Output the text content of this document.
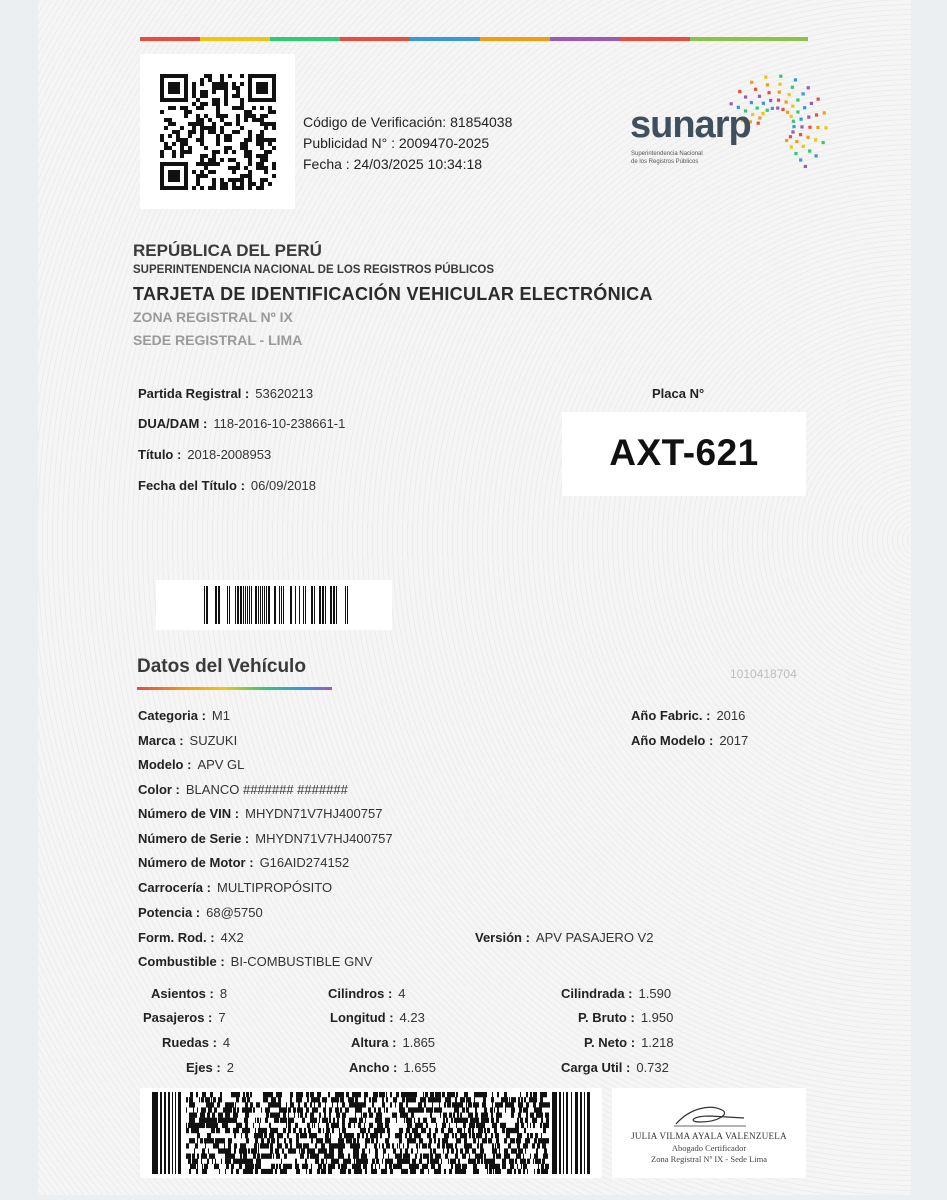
Código de Verificación: 81854038
Publicidad N° : 2009470-2025
Fecha : 24/03/2025 10:34:18
sunarp
Superintendencia Nacional
de los Registros Públicos
REPÚBLICA DEL PERÚ
SUPERINTENDENCIA NACIONAL DE LOS REGISTROS PÚBLICOS
TARJETA DE IDENTIFICACIÓN VEHICULAR ELECTRÓNICA
ZONA REGISTRAL Nº IX
SEDE REGISTRAL - LIMA
Partida Registral : 53620213
DUA/DAM : 118-2016-10-238661-1
Título : 2018-2008953
Fecha del Título : 06/09/2018
Placa N°
AXT-621
Datos del Vehículo	1010418704
Categoria : M1
Marca : SUZUKI
Modelo : APV GL
Color : BLANCO ####### #######
Número de VIN : MHYDN71V7HJ400757
Número de Serie : MHYDN71V7HJ400757
Número de Motor : G16AID274152
Carrocería : MULTIPROPÓSITO
Potencia : 68@5750
Form. Rod. : 4X2
Combustible : BI-COMBUSTIBLE GNV
Año Fabric. : 2016
Año Modelo : 2017
Versión : APV PASAJERO V2
Asientos : 8
Pasajeros : 7
Ruedas : 4
Ejes : 2
Cilindros : 4
Longitud : 4.23
Altura : 1.865
Ancho : 1.655
Cilindrada : 1.590
P. Bruto : 1.950
P. Neto : 1.218
Carga Util : 0.732
JULIA VILMA AYALA VALENZUELA
Abogado Certificador
Zona Registral Nº IX - Sede Lima
